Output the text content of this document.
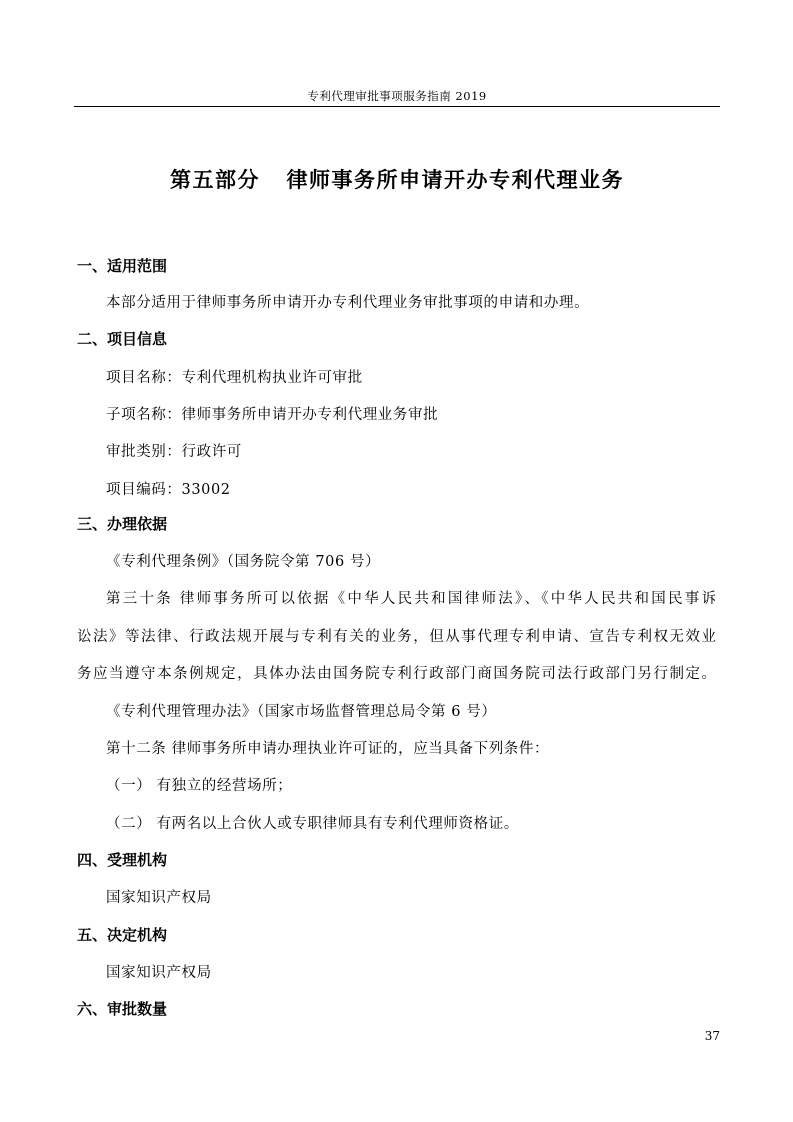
专利代理审批事项服务指南 2019
第五部分   律师事务所申请开办专利代理业务
一、适用范围
本部分适用于律师事务所申请开办专利代理业务审批事项的申请和办理。
二、项目信息
项目名称：专利代理机构执业许可审批
子项名称：律师事务所申请开办专利代理业务审批
审批类别：行政许可
项目编码：33002
三、办理依据
《专利代理条例》（国务院令第 706 号）
第三十条 律师事务所可以依据《中华人民共和国律师法》、《中华人民共和国民事诉
讼法》等法律、行政法规开展与专利有关的业务，但从事代理专利申请、宣告专利权无效业
务应当遵守本条例规定，具体办法由国务院专利行政部门商国务院司法行政部门另行制定。
《专利代理管理办法》（国家市场监督管理总局令第 6 号）
第十二条 律师事务所申请办理执业许可证的，应当具备下列条件：
（一） 有独立的经营场所；
（二） 有两名以上合伙人或专职律师具有专利代理师资格证。
四、受理机构
国家知识产权局
五、决定机构
国家知识产权局
六、审批数量
37
